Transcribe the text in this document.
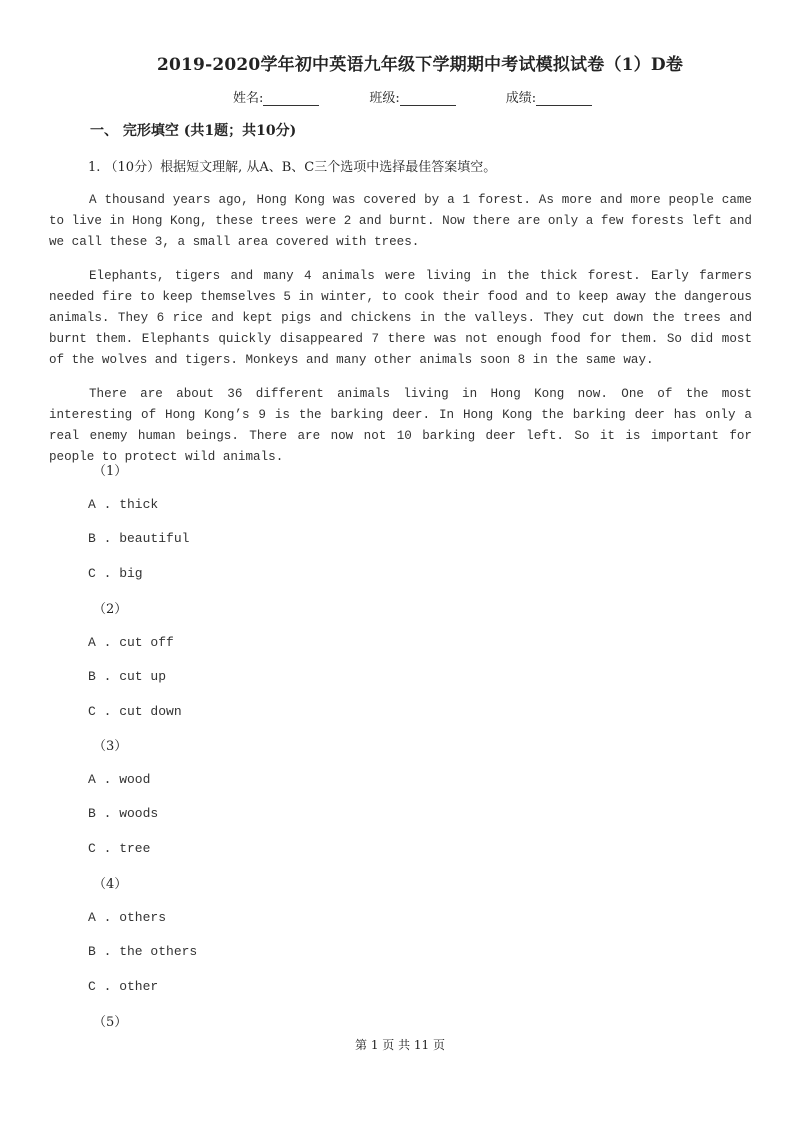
2019-2020学年初中英语九年级下学期期中考试模拟试卷（1）D卷
姓名:	班级:	成绩:
一、 完形填空 (共1题；共10分)
1. （10分）根据短文理解, 从A、B、C三个选项中选择最佳答案填空。
A thousand years ago, Hong Kong was covered by a 1 forest. As more and more people came to live in Hong Kong, these trees were 2 and burnt. Now there are only a few forests left and we call these 3, a small area covered with trees.
Elephants, tigers and many 4 animals were living in the thick forest. Early farmers needed fire to keep themselves 5 in winter, to cook their food and to keep away the dangerous animals. They 6 rice and kept pigs and chickens in the valleys. They cut down the trees and burnt them. Elephants quickly disappeared 7 there was not enough food for them. So did most of the wolves and tigers. Monkeys and many other animals soon 8 in the same way.
There are about 36 different animals living in Hong Kong now. One of the most interesting of Hong Kong’s 9 is the barking deer. In Hong Kong the barking deer has only a real enemy human beings. There are now not 10 barking deer left. So it is important for people to protect wild animals.
（1）
A . thick
B . beautiful
C . big
（2）
A . cut off
B . cut up
C . cut down
（3）
A . wood
B . woods
C . tree
（4）
A . others
B . the others
C . other
（5）
第 1 页 共 11 页
